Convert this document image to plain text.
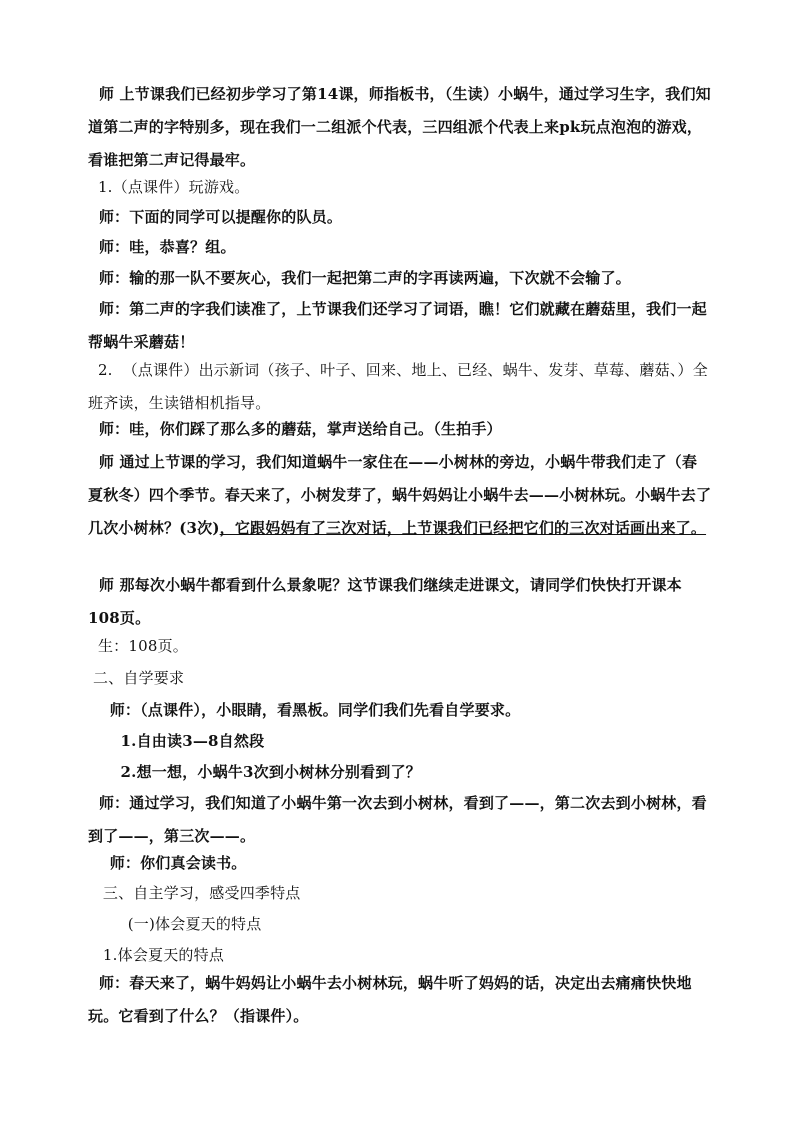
师 上节课我们已经初步学习了第14课，师指板书，（生读）小蜗牛，通过学习生字，我们知道第二声的字特别多，现在我们一二组派个代表，三四组派个代表上来pk玩点泡泡的游戏，看谁把第二声记得最牢。

1.（点课件）玩游戏。

师：下面的同学可以提醒你的队员。

师：哇，恭喜？组。

师：输的那一队不要灰心，我们一起把第二声的字再读两遍，下次就不会输了。

师：第二声的字我们读准了，上节课我们还学习了词语，瞧！它们就藏在蘑菇里，我们一起帮蜗牛采蘑菇！

2.  （点课件）出示新词（孩子、叶子、回来、地上、已经、蜗牛、发芽、草莓、蘑菇、）全班齐读，生读错相机指导。

师：哇，你们踩了那么多的蘑菇，掌声送给自己。（生拍手）

师 通过上节课的学习，我们知道蜗牛一家住在——小树林的旁边，小蜗牛带我们走了（春夏秋冬）四个季节。春天来了，小树发芽了，蜗牛妈妈让小蜗牛去——小树林玩。小蜗牛去了几次小树林？(3次)，它跟妈妈有了三次对话，上节课我们已经把它们的三次对话画出来了。

师 那每次小蜗牛都看到什么景象呢？这节课我们继续走进课文，请同学们快快打开课本108页。

生：108页。

二、自学要求

师：（点课件），小眼睛，看黑板。同学们我们先看自学要求。

1.自由读3—8自然段

2.想一想，小蜗牛3次到小树林分别看到了？

师：通过学习，我们知道了小蜗牛第一次去到小树林，看到了——，第二次去到小树林，看到了——，第三次——。

师：你们真会读书。

三、自主学习，感受四季特点

(一)体会夏天的特点

1.体会夏天的特点

师：春天来了，蜗牛妈妈让小蜗牛去小树林玩，蜗牛听了妈妈的话，决定出去痛痛快快地玩。它看到了什么？（指课件）。
